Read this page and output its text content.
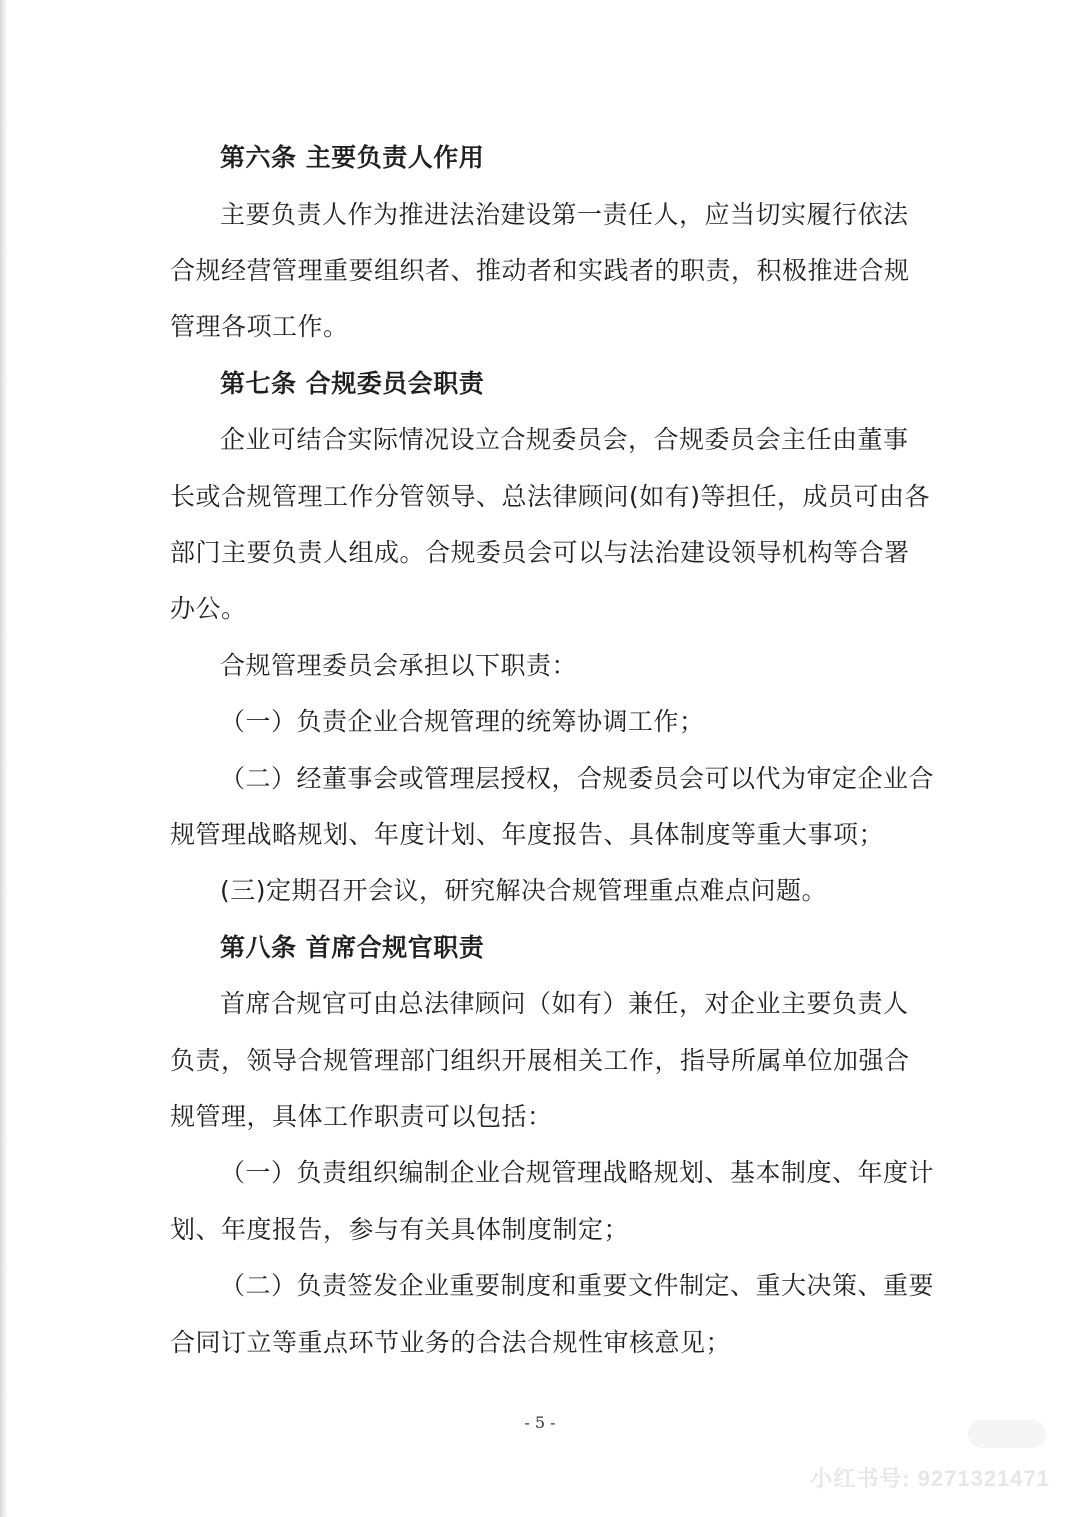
第六条 主要负责人作用
主要负责人作为推进法治建设第一责任人，应当切实履行依法
合规经营管理重要组织者、推动者和实践者的职责，积极推进合规
管理各项工作。
第七条 合规委员会职责
企业可结合实际情况设立合规委员会，合规委员会主任由董事
长或合规管理工作分管领导、总法律顾问(如有)等担任，成员可由各
部门主要负责人组成。合规委员会可以与法治建设领导机构等合署
办公。
合规管理委员会承担以下职责：
（一）负责企业合规管理的统筹协调工作；
（二）经董事会或管理层授权，合规委员会可以代为审定企业合
规管理战略规划、年度计划、年度报告、具体制度等重大事项；
(三)定期召开会议，研究解决合规管理重点难点问题。
第八条 首席合规官职责
首席合规官可由总法律顾问（如有）兼任，对企业主要负责人
负责，领导合规管理部门组织开展相关工作，指导所属单位加强合
规管理，具体工作职责可以包括：
（一）负责组织编制企业合规管理战略规划、基本制度、年度计
划、年度报告，参与有关具体制度制定；
（二）负责签发企业重要制度和重要文件制定、重大决策、重要
合同订立等重点环节业务的合法合规性审核意见；
- 5 -
小红书号: 9271321471
